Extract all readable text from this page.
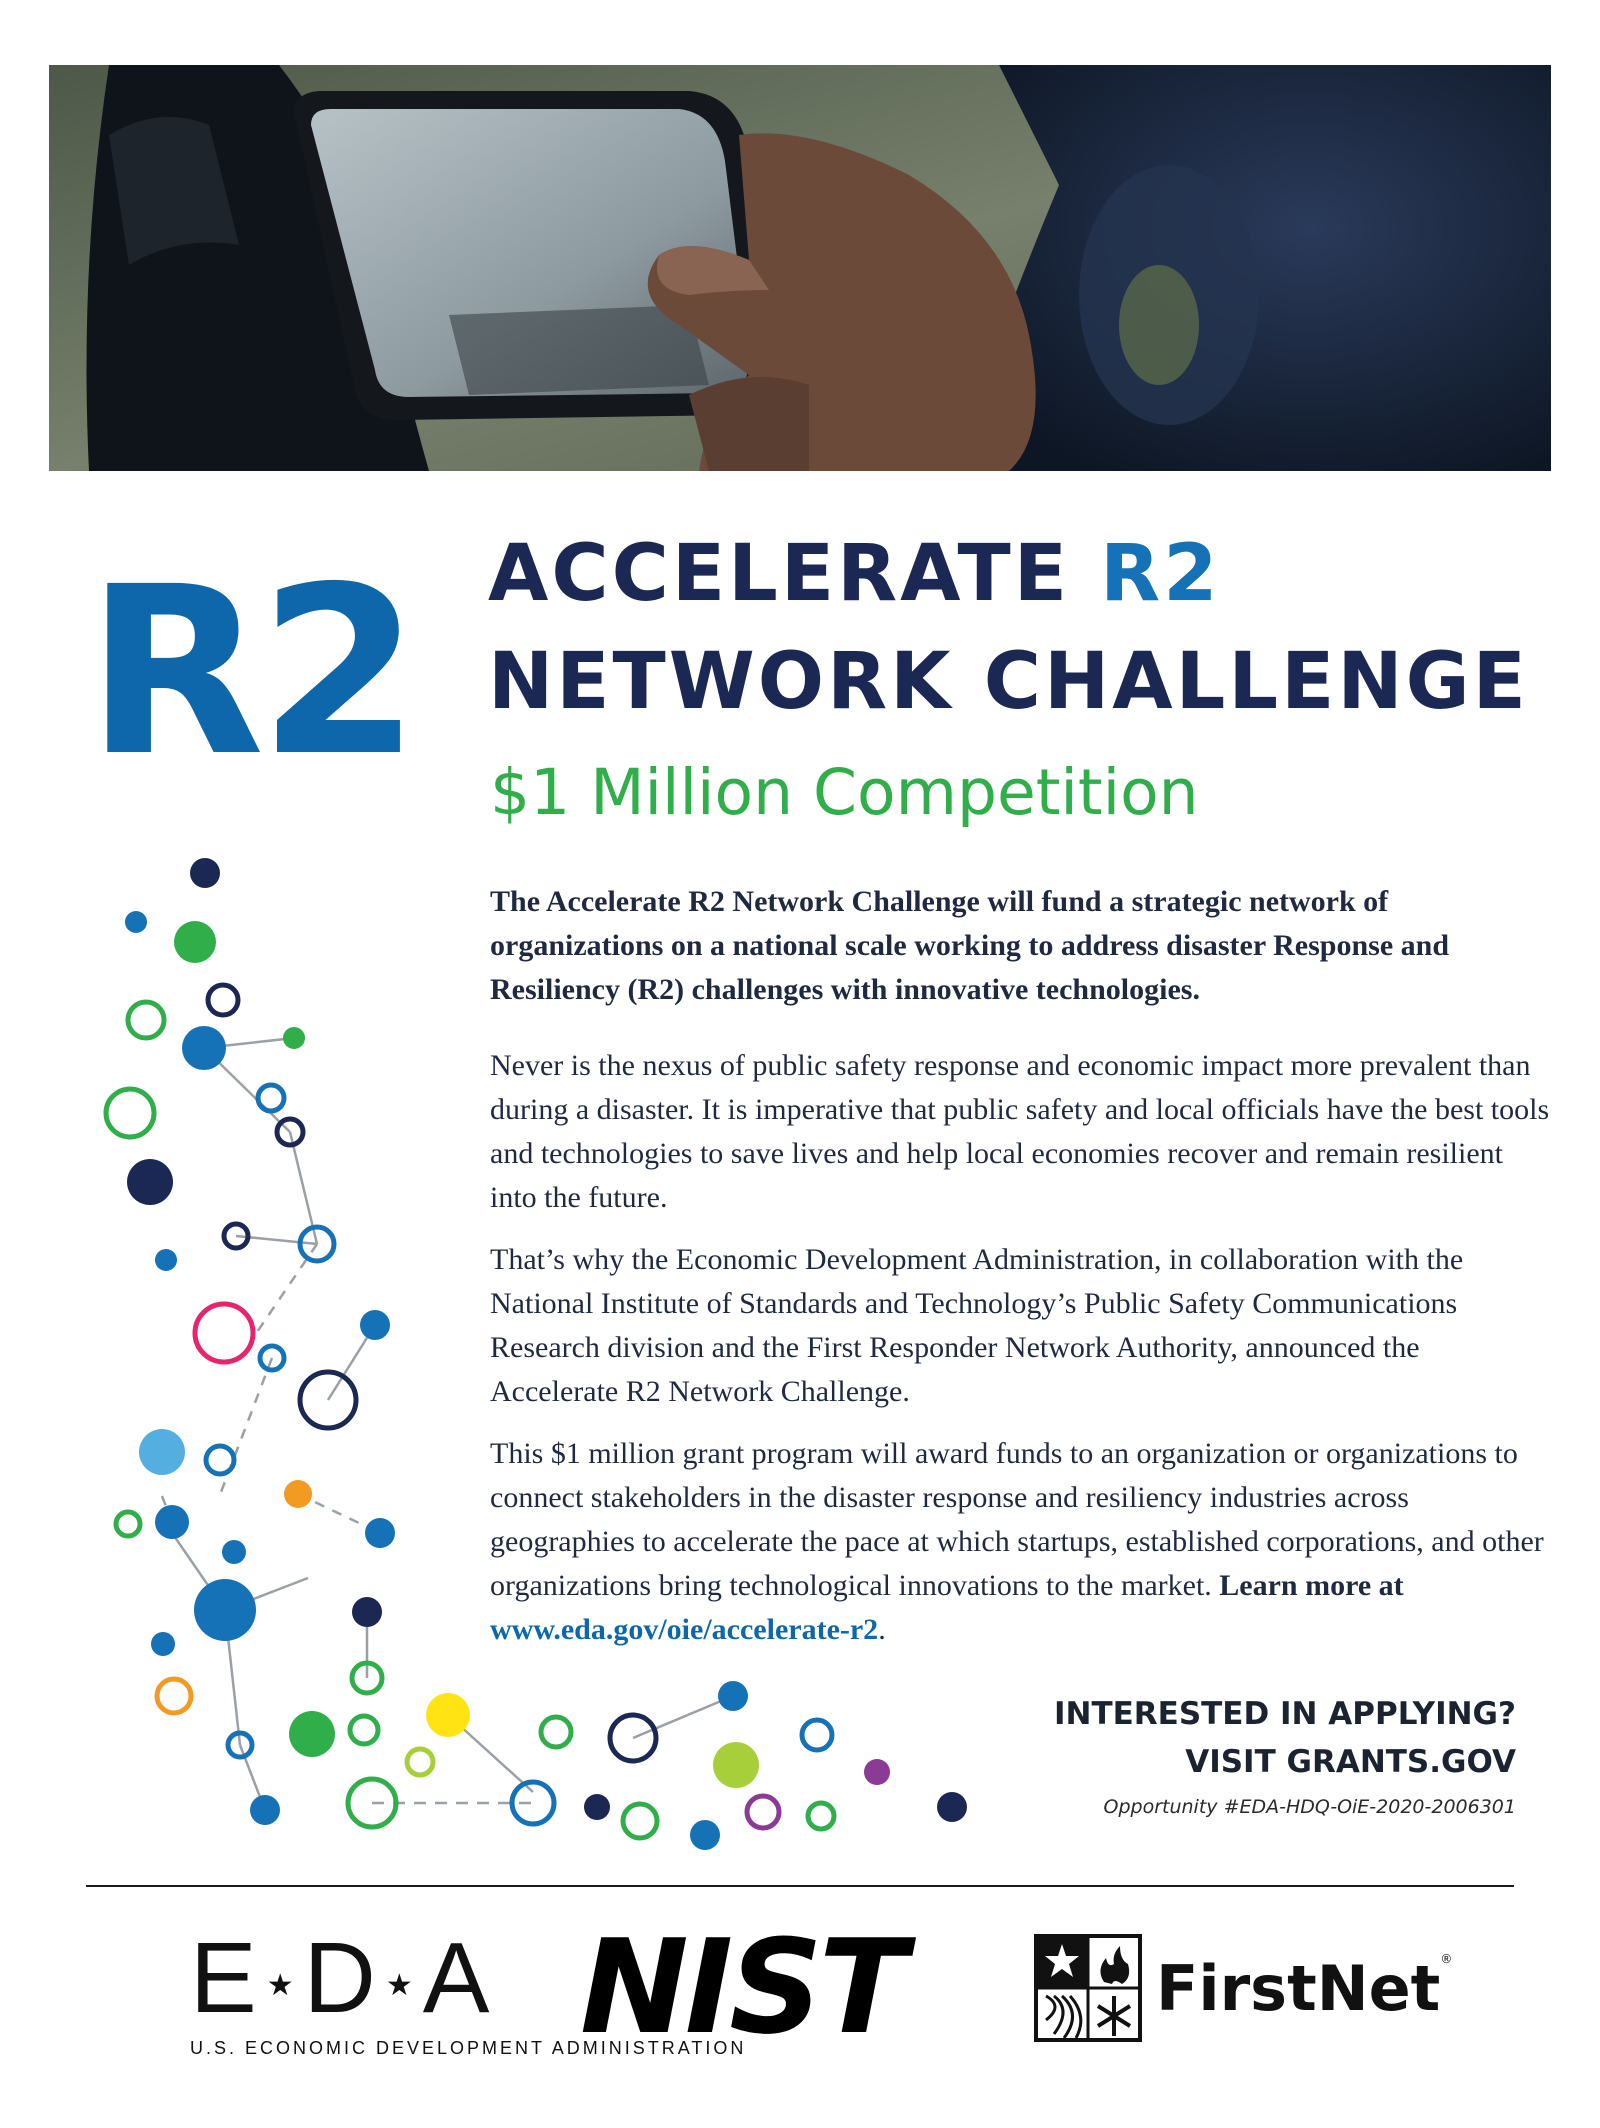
R2 ACCELERATE R2
NETWORK CHALLENGE
$1 Million Competition

The Accelerate R2 Network Challenge will fund a strategic network of organizations on a national scale working to address disaster Response and Resiliency (R2) challenges with innovative technologies.

Never is the nexus of public safety response and economic impact more prevalent than during a disaster. It is imperative that public safety and local officials have the best tools and technologies to save lives and help local economies recover and remain resilient into the future.

That’s why the Economic Development Administration, in collaboration with the National Institute of Standards and Technology’s Public Safety Communications Research division and the First Responder Network Authority, announced the Accelerate R2 Network Challenge.

This $1 million grant program will award funds to an organization or organizations to connect stakeholders in the disaster response and resiliency industries across geographies to accelerate the pace at which startups, established corporations, and other organizations bring technological innovations to the market. Learn more at
www.eda.gov/oie/accelerate-r2.

INTERESTED IN APPLYING?
VISIT GRANTS.GOV
Opportunity #EDA-HDQ-OiE-2020-2006301
E ★D ★A
U.S. ECONOMIC DEVELOPMENT ADMINISTRATION
NIST	FirstNet®
